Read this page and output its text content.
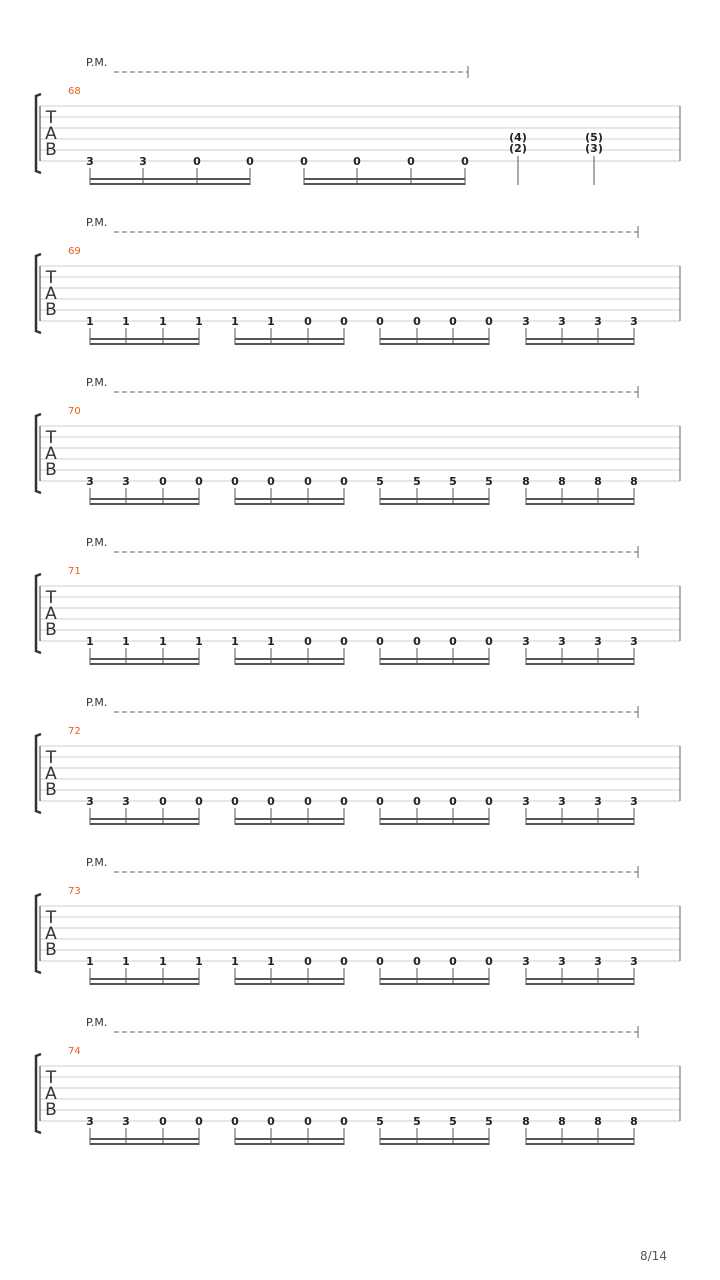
P.M.
68
T
A
B
3	3	0	0	0	0	0	0
(4)
(2)
(5)
(3)
P.M.
69
T
A
B
1	1	1	1	1	1	0	0	0	0	0	0	3	3	3	3
P.M.
70
T
A
B
3	3	0	0	0	0	0	0	5	5	5	5	8	8	8	8
P.M.
71
T
A
B
1	1	1	1	1	1	0	0	0	0	0	0	3	3	3	3
P.M.
72
T
A
B
3	3	0	0	0	0	0	0	0	0	0	0	3	3	3	3
P.M.
73
T
A
B
1	1	1	1	1	1	0	0	0	0	0	0	3	3	3	3
P.M.
74
T
A
B
3	3	0	0	0	0	0	0	5	5	5	5	8	8	8	8
8/14
